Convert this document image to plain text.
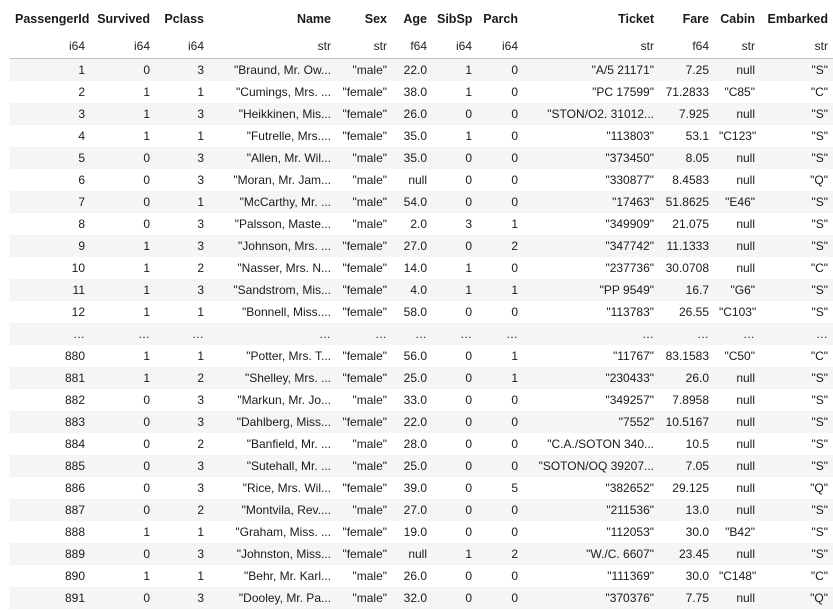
PassengerId	Survived	Pclass	Name	Sex	Age	SibSp	Parch	Ticket	Fare	Cabin	Embarked
i64	i64	i64	str	str	f64	i64	i64	str	f64	str	str
1	0	3	"Braund, Mr. Ow...	"male"	22.0	1	0	"A/5 21171"	7.25	null	"S"
2	1	1	"Cumings, Mrs. ...	"female"	38.0	1	0	"PC 17599"	71.2833	"C85"	"C"
3	1	3	"Heikkinen, Mis...	"female"	26.0	0	0	"STON/O2. 31012...	7.925	null	"S"
4	1	1	"Futrelle, Mrs....	"female"	35.0	1	0	"113803"	53.1	"C123"	"S"
5	0	3	"Allen, Mr. Wil...	"male"	35.0	0	0	"373450"	8.05	null	"S"
6	0	3	"Moran, Mr. Jam...	"male"	null	0	0	"330877"	8.4583	null	"Q"
7	0	1	"McCarthy, Mr. ...	"male"	54.0	0	0	"17463"	51.8625	"E46"	"S"
8	0	3	"Palsson, Maste...	"male"	2.0	3	1	"349909"	21.075	null	"S"
9	1	3	"Johnson, Mrs. ...	"female"	27.0	0	2	"347742"	11.1333	null	"S"
10	1	2	"Nasser, Mrs. N...	"female"	14.0	1	0	"237736"	30.0708	null	"C"
11	1	3	"Sandstrom, Mis...	"female"	4.0	1	1	"PP 9549"	16.7	"G6"	"S"
12	1	1	"Bonnell, Miss....	"female"	58.0	0	0	"113783"	26.55	"C103"	"S"
…	…	…	…	…	…	…	…	…	…	…	…
880	1	1	"Potter, Mrs. T...	"female"	56.0	0	1	"11767"	83.1583	"C50"	"C"
881	1	2	"Shelley, Mrs. ...	"female"	25.0	0	1	"230433"	26.0	null	"S"
882	0	3	"Markun, Mr. Jo...	"male"	33.0	0	0	"349257"	7.8958	null	"S"
883	0	3	"Dahlberg, Miss...	"female"	22.0	0	0	"7552"	10.5167	null	"S"
884	0	2	"Banfield, Mr. ...	"male"	28.0	0	0	"C.A./SOTON 340...	10.5	null	"S"
885	0	3	"Sutehall, Mr. ...	"male"	25.0	0	0	"SOTON/OQ 39207...	7.05	null	"S"
886	0	3	"Rice, Mrs. Wil...	"female"	39.0	0	5	"382652"	29.125	null	"Q"
887	0	2	"Montvila, Rev....	"male"	27.0	0	0	"211536"	13.0	null	"S"
888	1	1	"Graham, Miss. ...	"female"	19.0	0	0	"112053"	30.0	"B42"	"S"
889	0	3	"Johnston, Miss...	"female"	null	1	2	"W./C. 6607"	23.45	null	"S"
890	1	1	"Behr, Mr. Karl...	"male"	26.0	0	0	"111369"	30.0	"C148"	"C"
891	0	3	"Dooley, Mr. Pa...	"male"	32.0	0	0	"370376"	7.75	null	"Q"
